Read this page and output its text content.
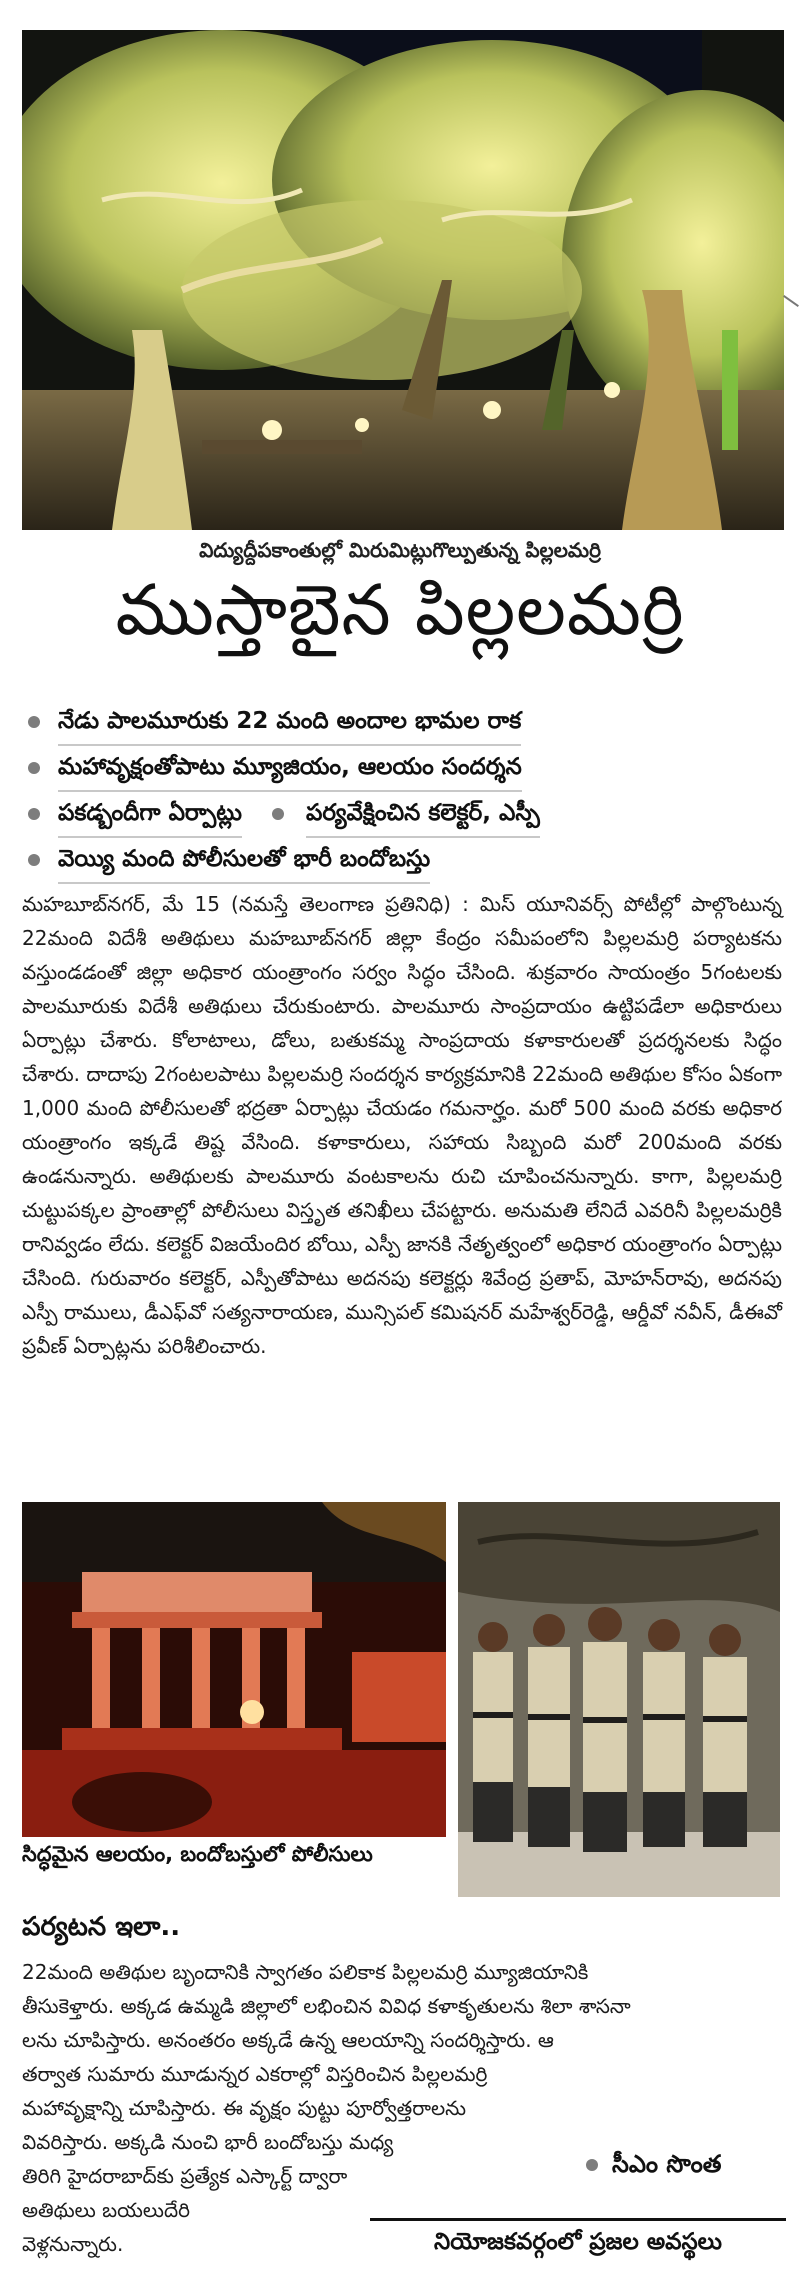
విద్యుద్దీపకాంతుల్లో మిరుమిట్లుగొల్పుతున్న పిల్లలమర్రి
ముస్తాబైన పిల్లలమర్రి
నేడు పాలమూరుకు 22 మంది అందాల భామల రాక
మహావృక్షంతోపాటు మ్యూజియం, ఆలయం సందర్శన
పకడ్బందీగా ఏర్పాట్లు	పర్యవేక్షించిన కలెక్టర్, ఎస్పీ
వెయ్యి మంది పోలీసులతో భారీ బందోబస్తు
మహబూబ్‌నగర్, మే 15 (నమస్తే తెలంగాణ ప్రతినిధి) : మిస్ యూనివర్స్ పోటీల్లో పాల్గొంటున్న 22మంది విదేశీ అతిథులు మహబూబ్‌నగర్ జిల్లా కేంద్రం సమీపంలోని పిల్లలమర్రి పర్యాటకను వస్తుండడంతో జిల్లా అధికార యంత్రాంగం సర్వం సిద్ధం చేసింది. శుక్రవారం సాయంత్రం 5గంటలకు పాలమూరుకు విదేశీ అతిథులు చేరుకుంటారు. పాలమూరు సాంప్రదాయం ఉట్టిపడేలా అధికారులు ఏర్పాట్లు చేశారు. కోలాటాలు, డోలు, బతుకమ్మ సాంప్రదాయ కళాకారులతో ప్రదర్శనలకు సిద్ధం చేశారు. దాదాపు 2గంటలపాటు పిల్లలమర్రి సందర్శన కార్యక్రమానికి 22మంది అతిథుల కోసం ఏకంగా 1,000 మంది పోలీసులతో భద్రతా ఏర్పాట్లు చేయడం గమనార్హం. మరో 500 మంది వరకు అధికార యంత్రాంగం ఇక్కడే తిష్ట వేసింది. కళాకారులు, సహాయ సిబ్బంది మరో 200మంది వరకు ఉండనున్నారు. అతిథులకు పాలమూరు వంటకాలను రుచి చూపించనున్నారు. కాగా, పిల్లలమర్రి చుట్టుపక్కల ప్రాంతాల్లో పోలీసులు విస్తృత తనిఖీలు చేపట్టారు. అనుమతి లేనిదే ఎవరినీ పిల్లలమర్రికి రానివ్వడం లేదు. కలెక్టర్ విజయేందిర బోయి, ఎస్పీ జానకి నేతృత్వంలో అధికార యంత్రాంగం ఏర్పాట్లు చేసింది. గురువారం కలెక్టర్, ఎస్పీతోపాటు అదనపు కలెక్టర్లు శివేంద్ర ప్రతాప్, మోహన్‌రావు, అదనపు ఎస్పీ రాములు, డీఎఫ్‌వో సత్యనారాయణ, మున్సిపల్ కమిషనర్ మహేశ్వర్‌రెడ్డి, ఆర్డీవో నవీన్, డీఈవో ప్రవీణ్ ఏర్పాట్లను పరిశీలించారు.
సిద్ధమైన ఆలయం, బందోబస్తులో పోలీసులు
పర్యటన ఇలా..
22మంది అతిథుల బృందానికి స్వాగతం పలికాక పిల్లలమర్రి మ్యూజియానికి
తీసుకెళ్తారు. అక్కడ ఉమ్మడి జిల్లాలో లభించిన వివిధ కళాకృతులను శిలా శాసనా
లను చూపిస్తారు. అనంతరం అక్కడే ఉన్న ఆలయాన్ని సందర్శిస్తారు. ఆ
తర్వాత సుమారు మూడున్నర ఎకరాల్లో విస్తరించిన పిల్లలమర్రి
మహావృక్షాన్ని చూపిస్తారు. ఈ వృక్షం పుట్టు పూర్వోత్తరాలను
వివరిస్తారు. అక్కడి నుంచి భారీ బందోబస్తు మధ్య
తిరిగి హైదరాబాద్‌కు ప్రత్యేక ఎస్కార్ట్ ద్వారా
అతిథులు బయలుదేరి
వెళ్లనున్నారు.
సీఎం సొంత
నియోజకవర్గంలో ప్రజల అవస్థలు
